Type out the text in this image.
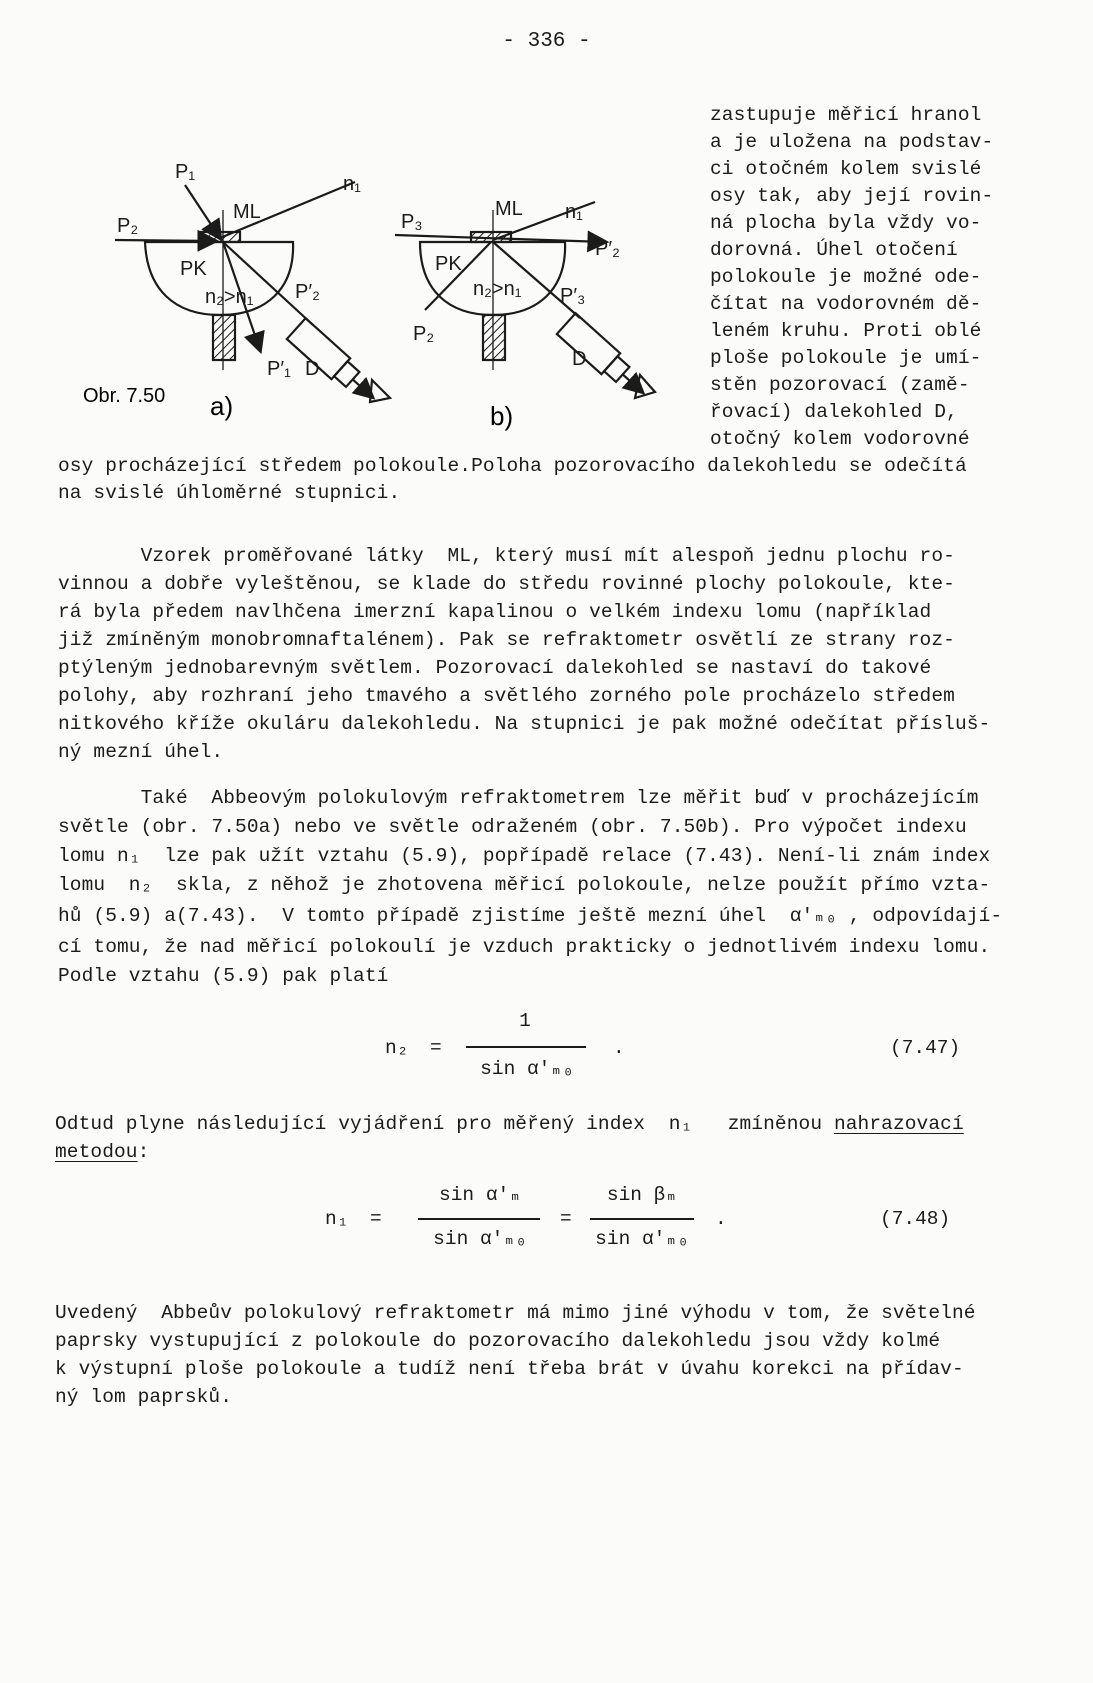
- 336 -
P₁
P₂
ML
n₁
PK
n₂>n₁ P′₂
P′₁ D
Obr. 7.50 a)
P₃
ML n₁
P′₂
PK
n₂>n₁ P′₃
P₂
D
b)
zastupuje měřicí hranol
a je uložena na podstav-
ci otočném kolem svislé
osy tak, aby její rovin-
ná plocha byla vždy vo-
dorovná. Úhel otočení
polokoule je možné ode-
čítat na vodorovném dě-
leném kruhu. Proti oblé
ploše polokoule je umí-
stěn pozorovací (zamě-
řovací) dalekohled D,
otočný kolem vodorovné
osy procházející středem polokoule.Poloha pozorovacího dalekohledu se odečítá
na svislé úhloměrné stupnici.
Vzorek proměřované látky  ML, který musí mít alespoň jednu plochu ro-
vinnou a dobře vyleštěnou, se klade do středu rovinné plochy polokoule, kte-
rá byla předem navlhčena imerzní kapalinou o velkém indexu lomu (například
již zmíněným monobromnaftalénem). Pak se refraktometr osvětlí ze strany roz-
ptýleným jednobarevným světlem. Pozorovací dalekohled se nastaví do takové
polohy, aby rozhraní jeho tmavého a světlého zorného pole procházelo středem
nitkového kříže okuláru dalekohledu. Na stupnici je pak možné odečítat přísluš-
ný mezní úhel.
Také  Abbeovým polokulovým refraktometrem lze měřit buď v procházejícím
světle (obr. 7.50a) nebo ve světle odraženém (obr. 7.50b). Pro výpočet indexu
lomu n₁  lze pak užít vztahu (5.9), popřípadě relace (7.43). Není-li znám index
lomu  n₂  skla, z něhož je zhotovena měřicí polokoule, nelze použít přímo vzta-
hů (5.9) a(7.43).  V tomto případě zjistíme ještě mezní úhel  α′ₘ₀ , odpovídají-
cí tomu, že nad měřicí polokoulí je vzduch prakticky o jednotlivém indexu lomu.
Podle vztahu (5.9) pak platí
n₂ =
1
sin α′ₘ₀
.	(7.47)
Odtud plyne následující vyjádření pro měřený index  n₁   zmíněnou nahrazovací
metodou:
n₁ =
sin α′ₘ
sin α′ₘ₀
=
sin βₘ
sin α′ₘ₀
.	(7.48)
Uvedený  Abbeův polokulový refraktometr má mimo jiné výhodu v tom, že světelné
paprsky vystupující z polokoule do pozorovacího dalekohledu jsou vždy kolmé
k výstupní ploše polokoule a tudíž není třeba brát v úvahu korekci na přídav-
ný lom paprsků.
